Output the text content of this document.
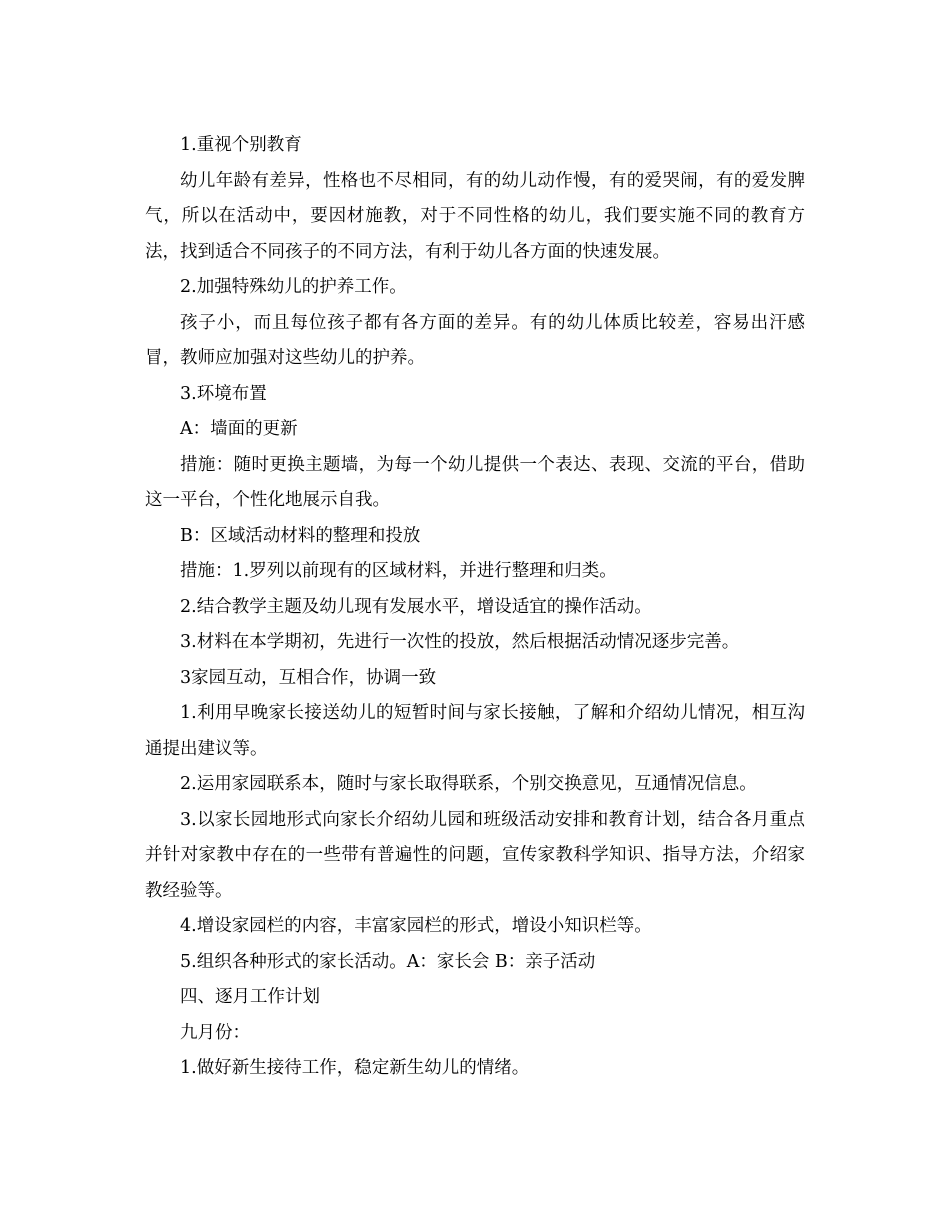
1.重视个别教育

幼儿年龄有差异，性格也不尽相同，有的幼儿动作慢，有的爱哭闹，有的爱发脾气，所以在活动中，要因材施教，对于不同性格的幼儿，我们要实施不同的教育方法，找到适合不同孩子的不同方法，有利于幼儿各方面的快速发展。

2.加强特殊幼儿的护养工作。

孩子小，而且每位孩子都有各方面的差异。有的幼儿体质比较差，容易出汗感冒，教师应加强对这些幼儿的护养。

3.环境布置

A：墙面的更新

措施：随时更换主题墙，为每一个幼儿提供一个表达、表现、交流的平台，借助这一平台，个性化地展示自我。

B：区域活动材料的整理和投放

措施：1.罗列以前现有的区域材料，并进行整理和归类。

2.结合教学主题及幼儿现有发展水平，增设适宜的操作活动。

3.材料在本学期初，先进行一次性的投放，然后根据活动情况逐步完善。

3家园互动，互相合作，协调一致

1.利用早晚家长接送幼儿的短暂时间与家长接触，了解和介绍幼儿情况，相互沟通提出建议等。

2.运用家园联系本，随时与家长取得联系，个别交换意见，互通情况信息。

3.以家长园地形式向家长介绍幼儿园和班级活动安排和教育计划，结合各月重点并针对家教中存在的一些带有普遍性的问题，宣传家教科学知识、指导方法，介绍家教经验等。

4.增设家园栏的内容，丰富家园栏的形式，增设小知识栏等。

5.组织各种形式的家长活动。A：家长会 B：亲子活动

四、逐月工作计划

九月份：

1.做好新生接待工作，稳定新生幼儿的情绪。
